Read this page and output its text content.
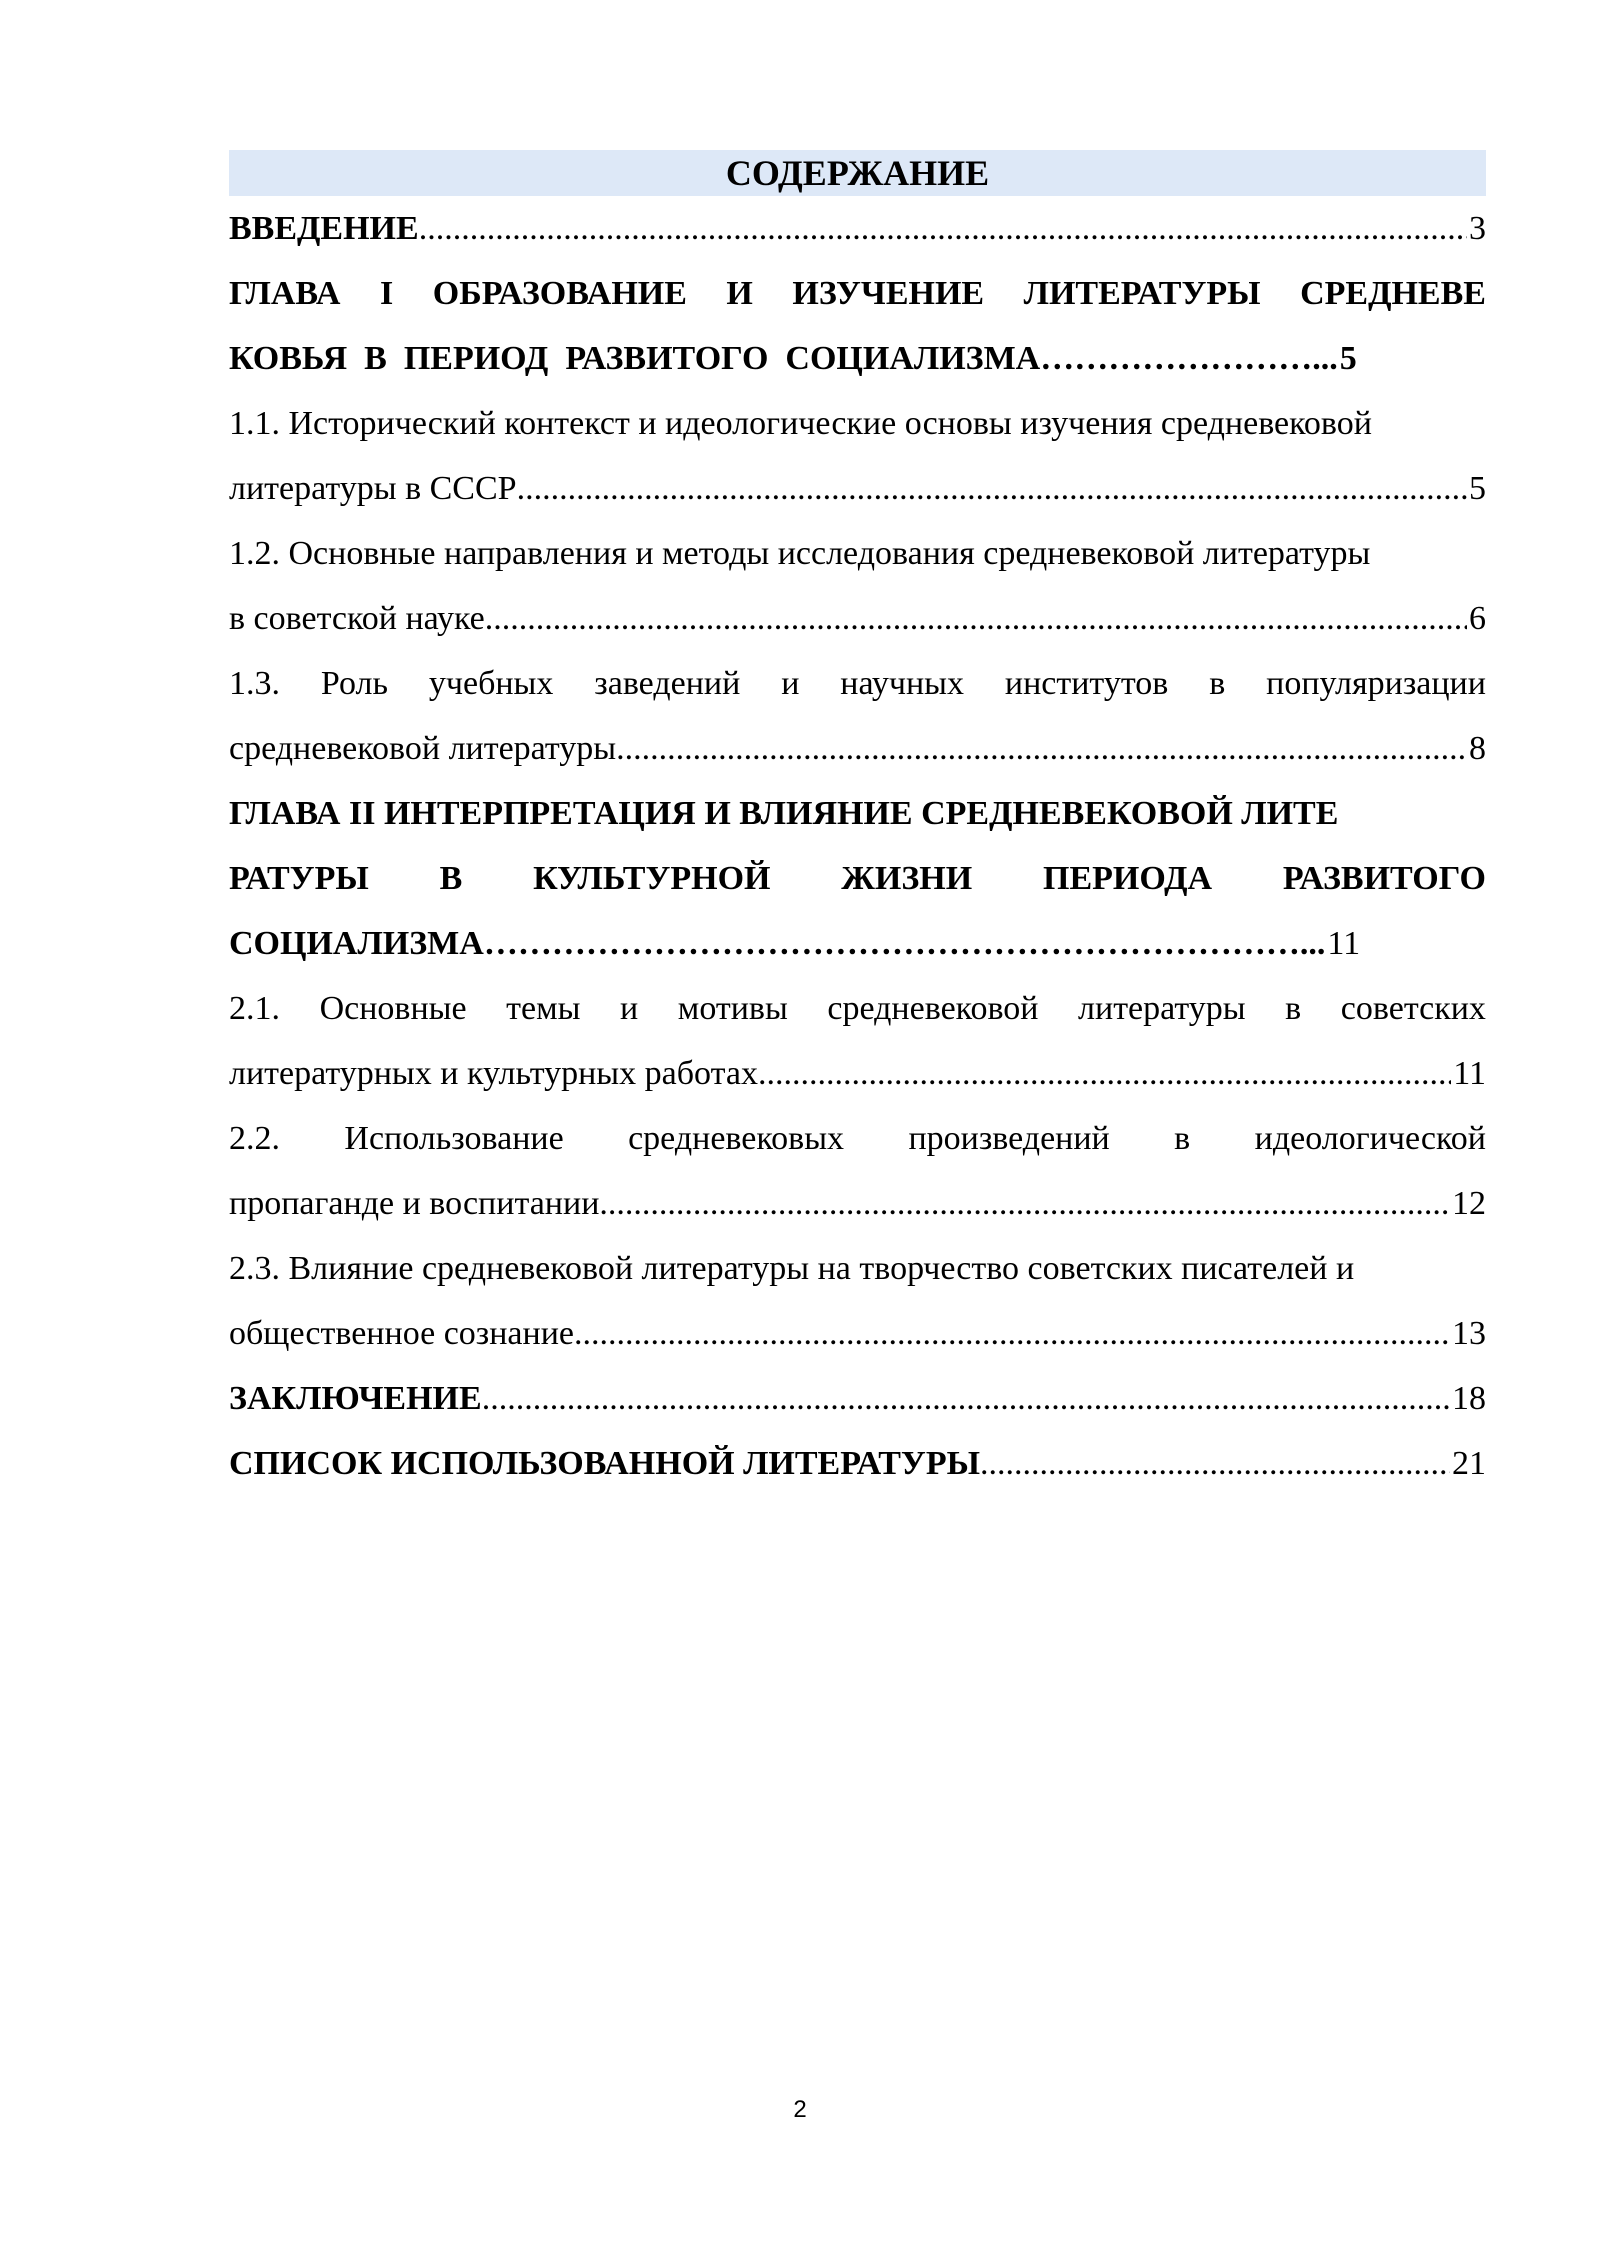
СОДЕРЖАНИЕ
ВВЕДЕНИЕ .....	3
ГЛАВА I ОБРАЗОВАНИЕ И ИЗУЧЕНИЕ ЛИТЕРАТУРЫ СРЕДНЕВЕ
КОВЬЯ  В  ПЕРИОД  РАЗВИТОГО  СОЦИАЛИЗМА……………………... 5
1.1. Исторический контекст и идеологические основы изучения средневековой
литературы в СССР .....	5
1.2. Основные направления и методы исследования средневековой литературы
в советской науке .....	6
1.3. Роль учебных заведений и научных институтов в популяризации
средневековой литературы .....	8
ГЛАВА II ИНТЕРПРЕТАЦИЯ И ВЛИЯНИЕ СРЕДНЕВЕКОВОЙ ЛИТЕ
РАТУРЫ В КУЛЬТУРНОЙ ЖИЗНИ ПЕРИОДА РАЗВИТОГО
СОЦИАЛИЗМА………………………………………………………………... 11
2.1. Основные темы и мотивы средневековой литературы в советских
литературных и культурных работах .....	11
2.2. Использование средневековых произведений в идеологической
пропаганде и воспитании .....	12
2.3. Влияние средневековой литературы на творчество советских писателей и
общественное сознание .....	13
ЗАКЛЮЧЕНИЕ .....	18
СПИСОК ИСПОЛЬЗОВАННОЙ ЛИТЕРАТУРЫ .....	21
2
